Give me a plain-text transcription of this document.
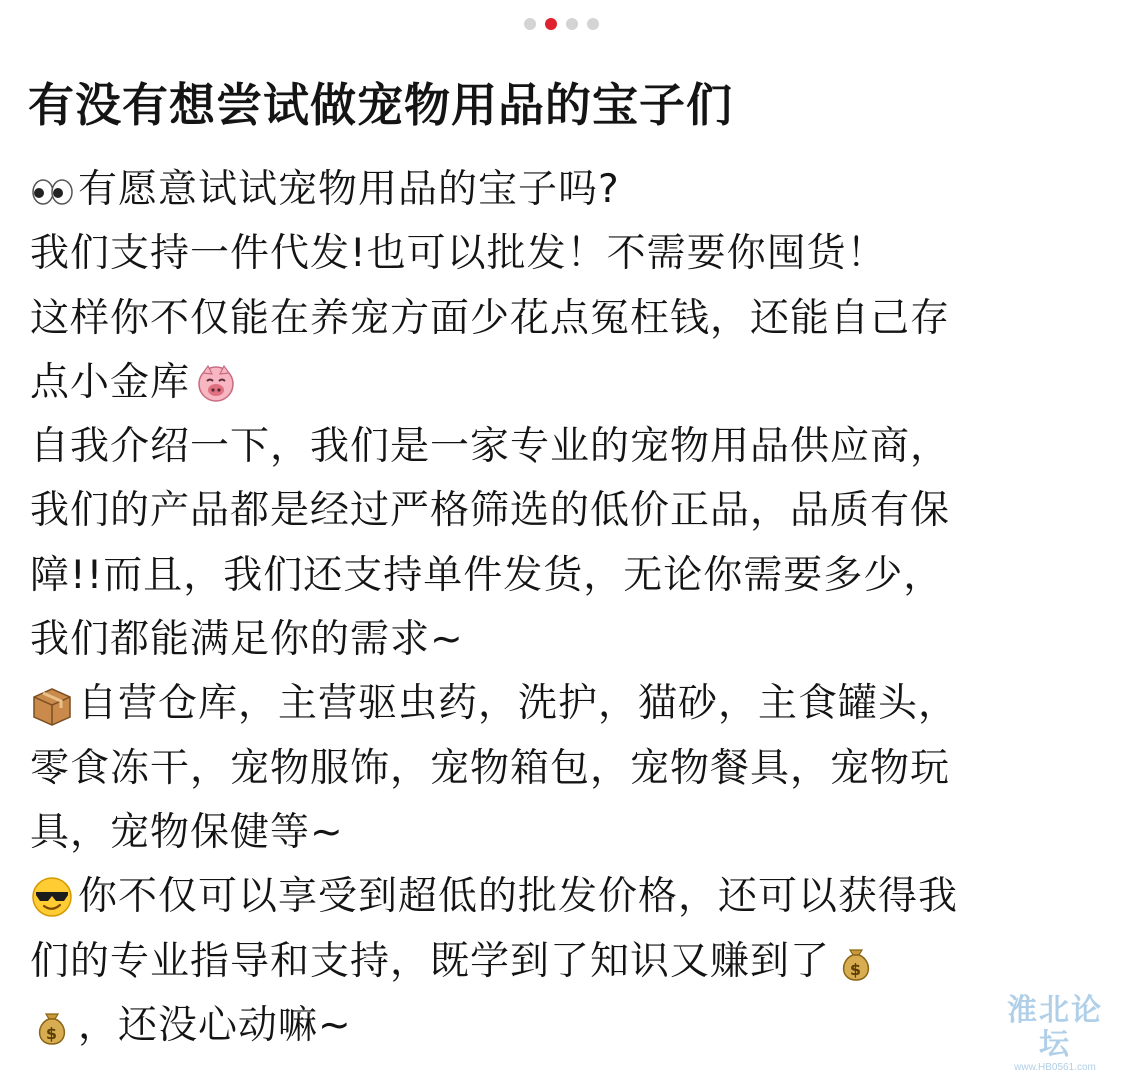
有没有想尝试做宠物用品的宝子们
有愿意试试宠物用品的宝子吗?
我们支持一件代发!也可以批发！不需要你囤货！
这样你不仅能在养宠方面少花点冤枉钱，还能自己存
点小金库
自我介绍一下，我们是一家专业的宠物用品供应商，
我们的产品都是经过严格筛选的低价正品，品质有保
障!!而且，我们还支持单件发货，无论你需要多少，
我们都能满足你的需求~
自营仓库，主营驱虫药，洗护，猫砂，主食罐头，
零食冻干，宠物服饰，宠物箱包，宠物餐具，宠物玩
具，宠物保健等~
你不仅可以享受到超低的批发价格，还可以获得我
们的专业指导和支持，既学到了知识又赚到了 $
$ ，还没心动嘛~	淮北论坛
www.HB0561.com
